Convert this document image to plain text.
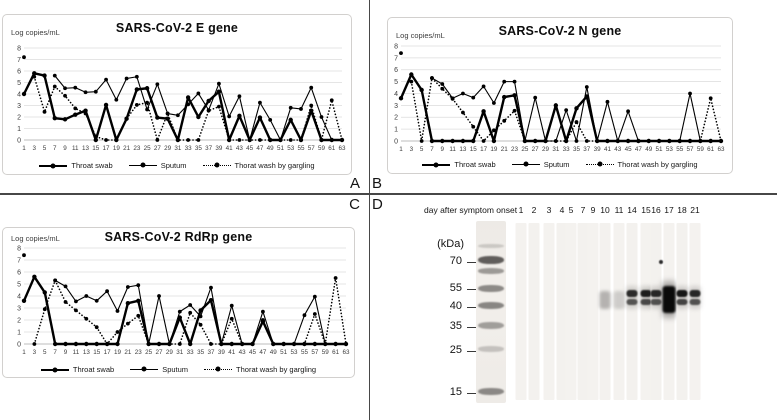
Log copies/mL	SARS-CoV-2 E gene
0
1
2
3
4
5
6
7
8
1 3 5 7 9 11 13 15 17 19 21 23 25 27 29 31 33 35 37 39 41 43 45 47 49 51 53 55 57 59 61 63
Throat swab	Sputum	Thorat wash by gargling
Log copies/mL	SARS-CoV-2 N gene
0
1
2
3
4
5
6
7
8
1 3 5 7 9 11 13 15 17 19 21 23 25 27 29 31 33 35 37 39 41 43 45 47 49 51 53 55 57 59 61 63
Throat swab	Sputum	Thorat wash by gargling
Log copies/mL	SARS-CoV-2 RdRp gene
0
1
2
3
4
5
6
7
8
1 3 5 7 9 11 13 15 17 19 21 23 25 27 29 31 33 35 37 39 41 43 45 47 49 51 53 55 57 59 61 63
Throat swab	Sputum	Thorat wash by gargling
day after symptom onset
(kDa)
70
55
40
35
25
15
1 2 3 4 5 7 9 10 11 14 15 16 17 18 21
A B
C D
